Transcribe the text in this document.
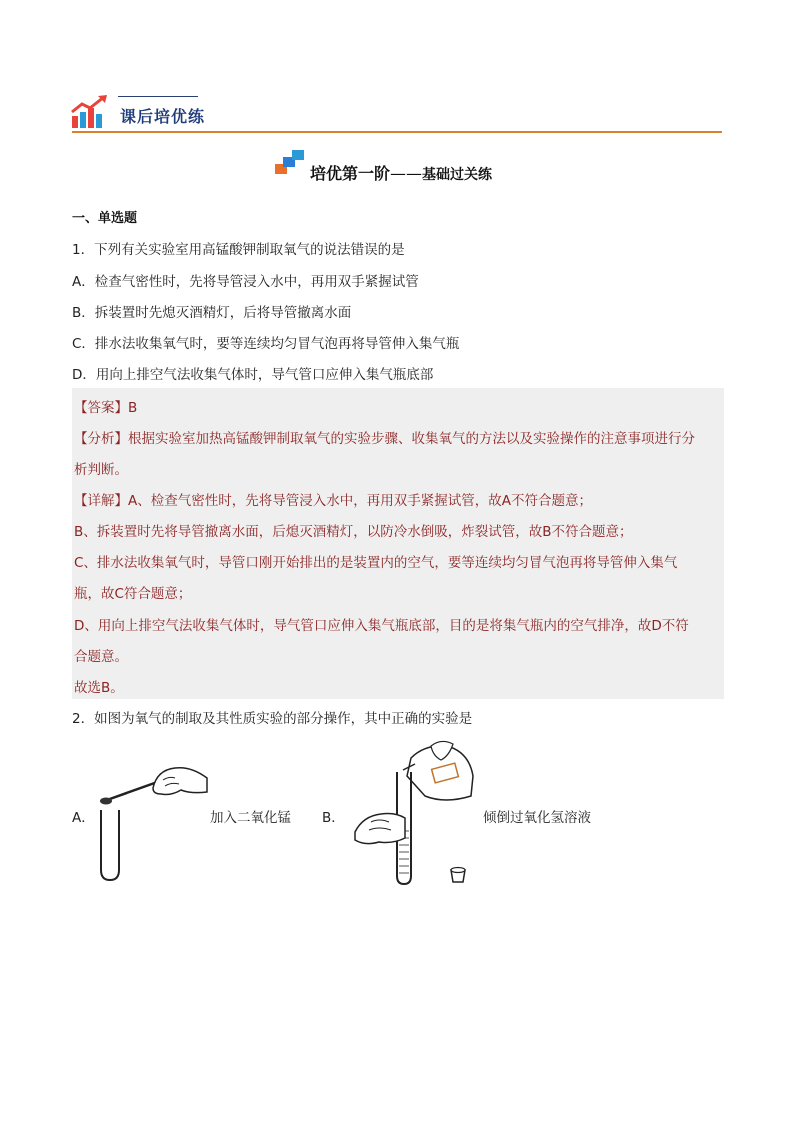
课后培优练
培优第一阶——基础过关练
一、单选题
1．下列有关实验室用高锰酸钾制取氧气的说法错误的是
A．检查气密性时，先将导管浸入水中，再用双手紧握试管
B．拆装置时先熄灭酒精灯，后将导管撤离水面
C．排水法收集氧气时，要等连续均匀冒气泡再将导管伸入集气瓶
D．用向上排空气法收集气体时，导气管口应伸入集气瓶底部
【答案】B
【分析】根据实验室加热高锰酸钾制取氧气的实验步骤、收集氧气的方法以及实验操作的注意事项进行分
析判断。
【详解】A、检查气密性时，先将导管浸入水中，再用双手紧握试管，故A不符合题意；
B、拆装置时先将导管撤离水面，后熄灭酒精灯，以防冷水倒吸，炸裂试管，故B不符合题意；
C、排水法收集氧气时，导管口刚开始排出的是装置内的空气，要等连续均匀冒气泡再将导管伸入集气
瓶，故C符合题意；
D、用向上排空气法收集气体时，导气管口应伸入集气瓶底部，目的是将集气瓶内的空气排净，故D不符
合题意。
故选B。
2．如图为氧气的制取及其性质实验的部分操作，其中正确的实验是
A．	加入二氧化锰 B．	倾倒过氧化氢溶液
